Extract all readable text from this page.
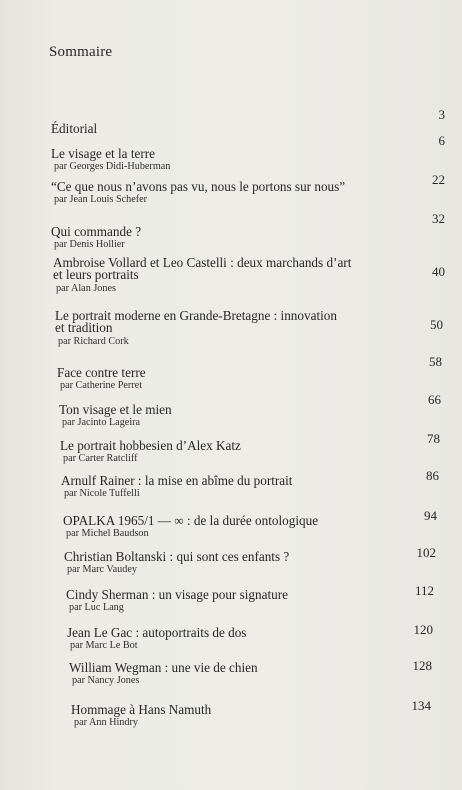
Sommaire
Éditorial
3
Le visage et la terre
par Georges Didi-Huberman
6
“Ce que nous n’avons pas vu, nous le portons sur nous”
par Jean Louis Schefer
22
Qui commande ?
par Denis Hollier
32
Ambroise Vollard et Leo Castelli : deux marchands d’art
et leurs portraits
par Alan Jones
40
Le portrait moderne en Grande-Bretagne : innovation
et tradition
par Richard Cork
50
Face contre terre
par Catherine Perret
58
Ton visage et le mien
par Jacinto Lageira
66
Le portrait hobbesien d’Alex Katz
par Carter Ratcliff
78
Arnulf Rainer : la mise en abîme du portrait
par Nicole Tuffelli
86
OPALKA 1965/1 — ∞ : de la durée ontologique
par Michel Baudson
94
Christian Boltanski : qui sont ces enfants ?
par Marc Vaudey
102
Cindy Sherman : un visage pour signature
par Luc Lang
112
Jean Le Gac : autoportraits de dos
par Marc Le Bot
120
William Wegman : une vie de chien
par Nancy Jones
128
Hommage à Hans Namuth
par Ann Hindry
134
